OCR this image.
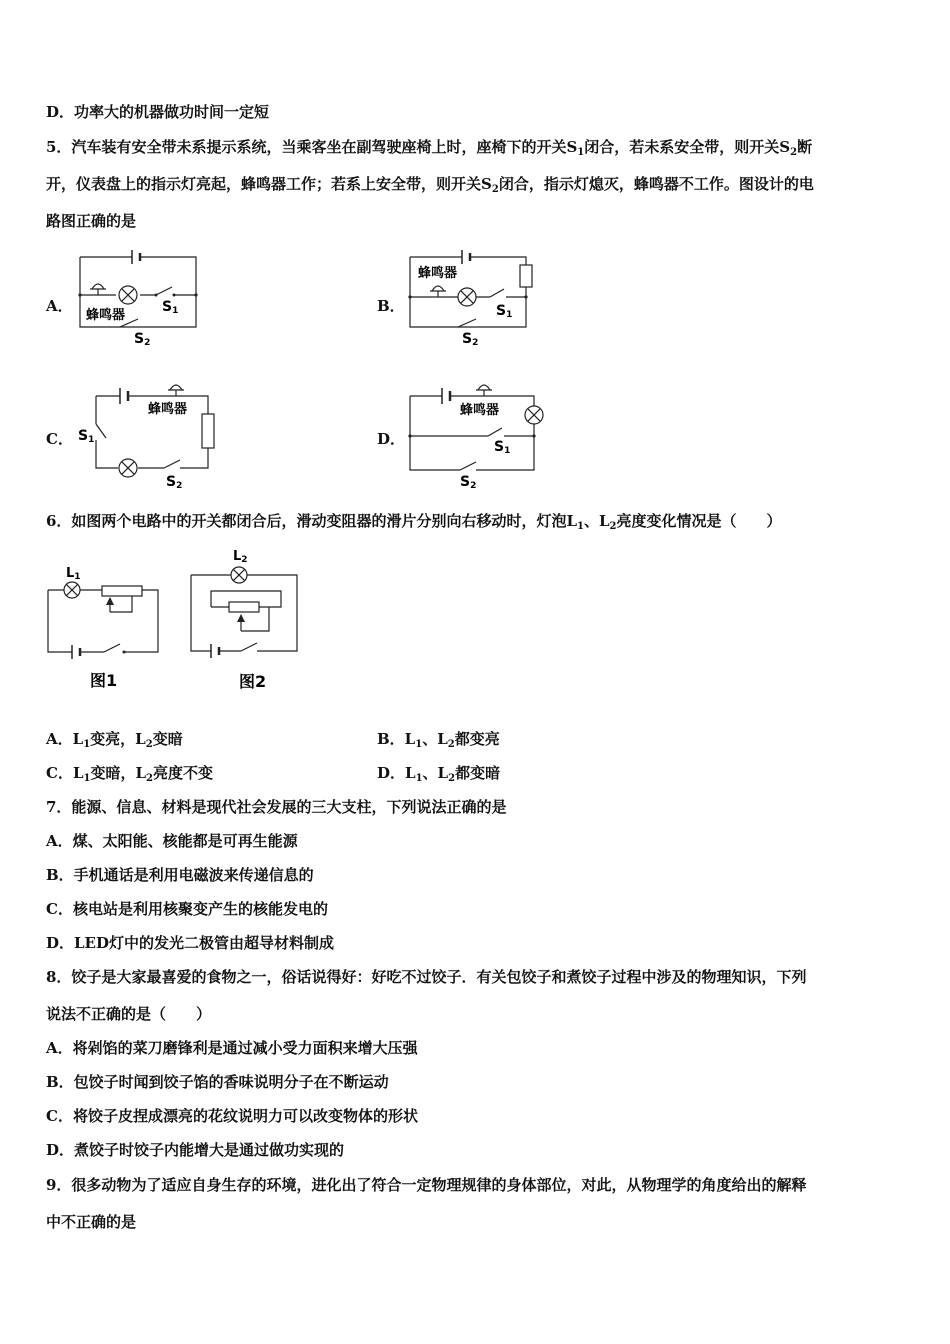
D．功率大的机器做功时间一定短
5．汽车装有安全带未系提示系统，当乘客坐在副驾驶座椅上时，座椅下的开关$S_1$闭合，若未系安全带，则开关$S_2$断
开，仪表盘上的指示灯亮起，蜂鸣器工作；若系上安全带，则开关$S_2$闭合，指示灯熄灭，蜂鸣器不工作。图设计的电
路图正确的是
A．	B．
C．	D．
蜂鸣器
S1
S2
蜂鸣器
S1
S2
蜂鸣器
S1
S2
蜂鸣器
S1
S2
6．如图两个电路中的开关都闭合后，滑动变阻器的滑片分别向右移动时，灯泡$L_1$、$L_2$亮度变化情况是（　　）
L1
图1
L2
图2
A．$L_1$变亮，$L_2$变暗	B．$L_1$、$L_2$都变亮
C．$L_1$变暗，$L_2$亮度不变	D．$L_1$、$L_2$都变暗
7．能源、信息、材料是现代社会发展的三大支柱，下列说法正确的是
A．煤、太阳能、核能都是可再生能源
B．手机通话是利用电磁波来传递信息的
C．核电站是利用核聚变产生的核能发电的
D．LED灯中的发光二极管由超导材料制成
8．饺子是大家最喜爱的食物之一，俗话说得好：好吃不过饺子．有关包饺子和煮饺子过程中涉及的物理知识，下列
说法不正确的是（　　）
A．将剁馅的菜刀磨锋利是通过减小受力面积来增大压强
B．包饺子时闻到饺子馅的香味说明分子在不断运动
C．将饺子皮捏成漂亮的花纹说明力可以改变物体的形状
D．煮饺子时饺子内能增大是通过做功实现的
9．很多动物为了适应自身生存的环境，进化出了符合一定物理规律的身体部位，对此，从物理学的角度给出的解释
中不正确的是
